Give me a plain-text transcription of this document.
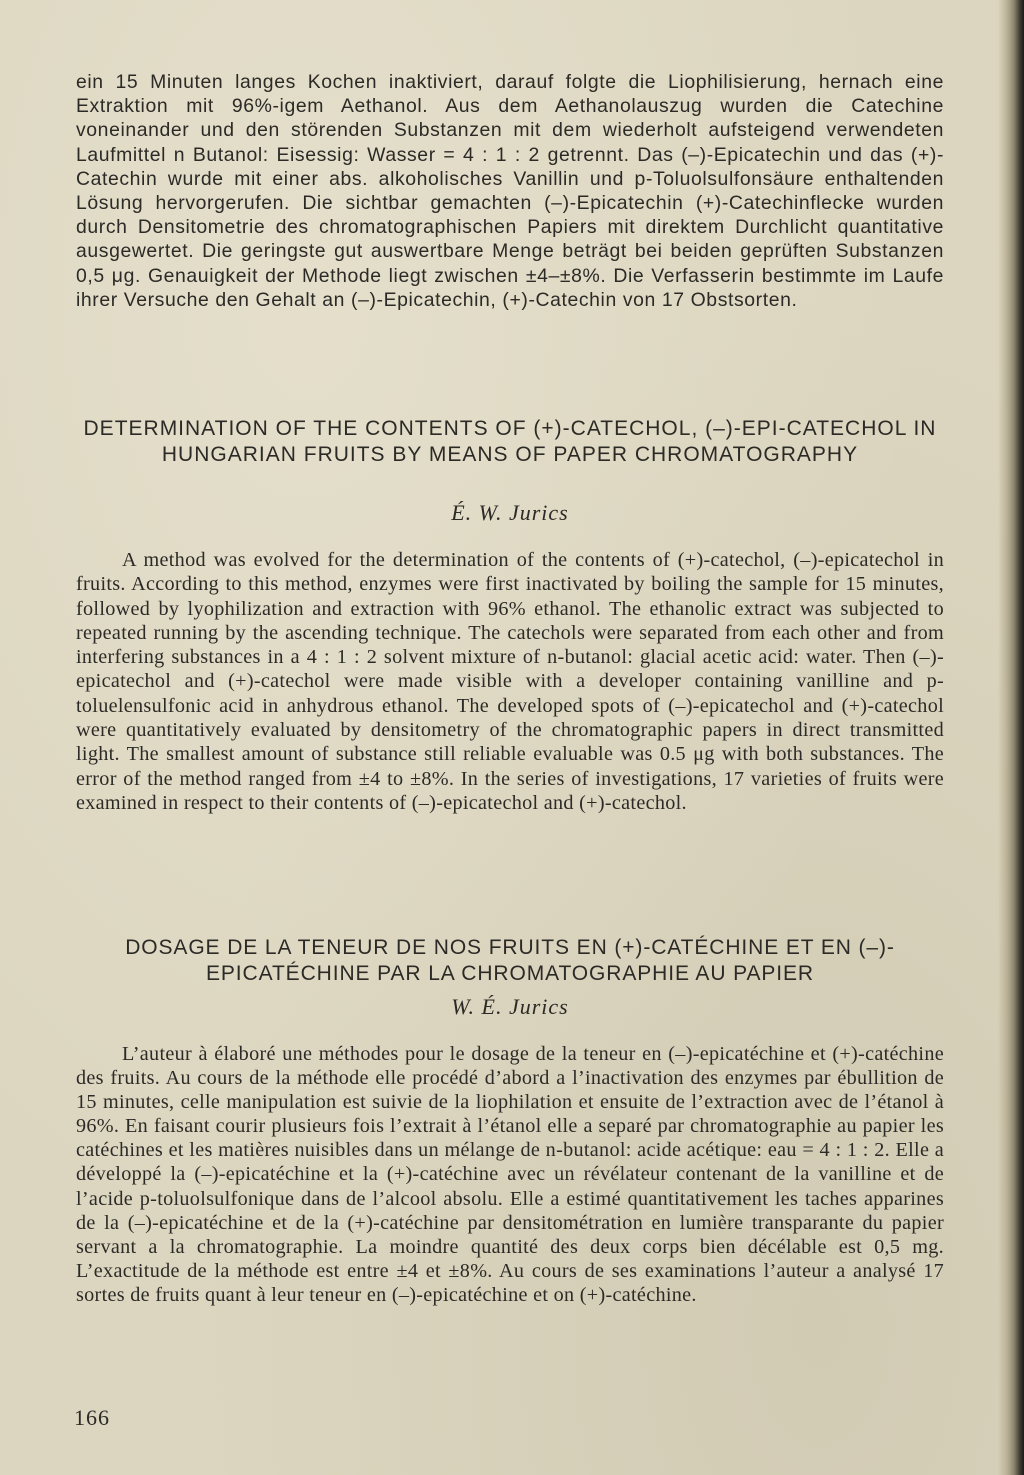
ein 15 Minuten langes Kochen inaktiviert, darauf folgte die Liophilisierung, hernach eine Extraktion mit 96%-igem Aethanol. Aus dem Aethanolauszug wurden die Catechine voneinander und den störenden Substanzen mit dem wiederholt aufsteigend verwendeten Laufmittel n Butanol: Eisessig: Wasser = 4 : 1 : 2 getrennt. Das (–)-Epicatechin und das (+)-Catechin wurde mit einer abs. alkoholisches Vanillin und p-Toluolsulfonsäure enthaltenden Lösung hervorgerufen. Die sichtbar gemachten (–)-Epicatechin (+)-Catechinflecke wurden durch Densitometrie des chromatographischen Papiers mit direktem Durchlicht quantitative ausgewertet. Die geringste gut auswertbare Menge beträgt bei beiden geprüften Substanzen 0,5 μg. Genauigkeit der Methode liegt zwischen ±4–±8%. Die Verfasserin bestimmte im Laufe ihrer Versuche den Gehalt an (–)-Epicatechin, (+)-Catechin von 17 Obstsorten.

DETERMINATION OF THE CONTENTS OF (+)-CATECHOL, (–)-EPI-CATECHOL IN HUNGARIAN FRUITS BY MEANS OF PAPER CHROMATOGRAPHY

É. W. Jurics

A method was evolved for the determination of the contents of (+)-catechol, (–)-epicatechol in fruits. According to this method, enzymes were first inactivated by boiling the sample for 15 minutes, followed by lyophilization and extraction with 96% ethanol. The ethanolic extract was subjected to repeated running by the ascending technique. The catechols were separated from each other and from interfering substances in a 4 : 1 : 2 solvent mixture of n-butanol: glacial acetic acid: water. Then (–)-epicatechol and (+)-catechol were made visible with a developer containing vanilline and p-toluelensulfonic acid in anhydrous ethanol. The developed spots of (–)-epicatechol and (+)-catechol were quantitatively evaluated by densitometry of the chromatographic papers in direct transmitted light. The smallest amount of substance still reliable evaluable was 0.5 μg with both substances. The error of the method ranged from ±4 to ±8%. In the series of investigations, 17 varieties of fruits were examined in respect to their contents of (–)-epicatechol and (+)-catechol.

DOSAGE DE LA TENEUR DE NOS FRUITS EN (+)-CATÉCHINE ET EN (–)-EPICATÉCHINE PAR LA CHROMATOGRAPHIE AU PAPIER

W. É. Jurics

L’auteur à élaboré une méthodes pour le dosage de la teneur en (–)-epicatéchine et (+)-catéchine des fruits. Au cours de la méthode elle procédé d’abord a l’inactivation des enzymes par ébullition de 15 minutes, celle manipulation est suivie de la liophilation et ensuite de l’extraction avec de l’étanol à 96%. En faisant courir plusieurs fois l’extrait à l’étanol elle a separé par chromatographie au papier les catéchines et les matières nuisibles dans un mélange de n-butanol: acide acétique: eau = 4 : 1 : 2. Elle a développé la (–)-epicatéchine et la (+)-catéchine avec un révélateur contenant de la vanilline et de l’acide p-toluolsulfonique dans de l’alcool absolu. Elle a estimé quantitativement les taches apparines de la (–)-epicatéchine et de la (+)-catéchine par densitométration en lumière transparante du papier servant a la chromatographie. La moindre quantité des deux corps bien décélable est 0,5 mg. L’exactitude de la méthode est entre ±4 et ±8%. Au cours de ses examinations l’auteur a analysé 17 sortes de fruits quant à leur teneur en (–)-epicatéchine et on (+)-catéchine.

166
